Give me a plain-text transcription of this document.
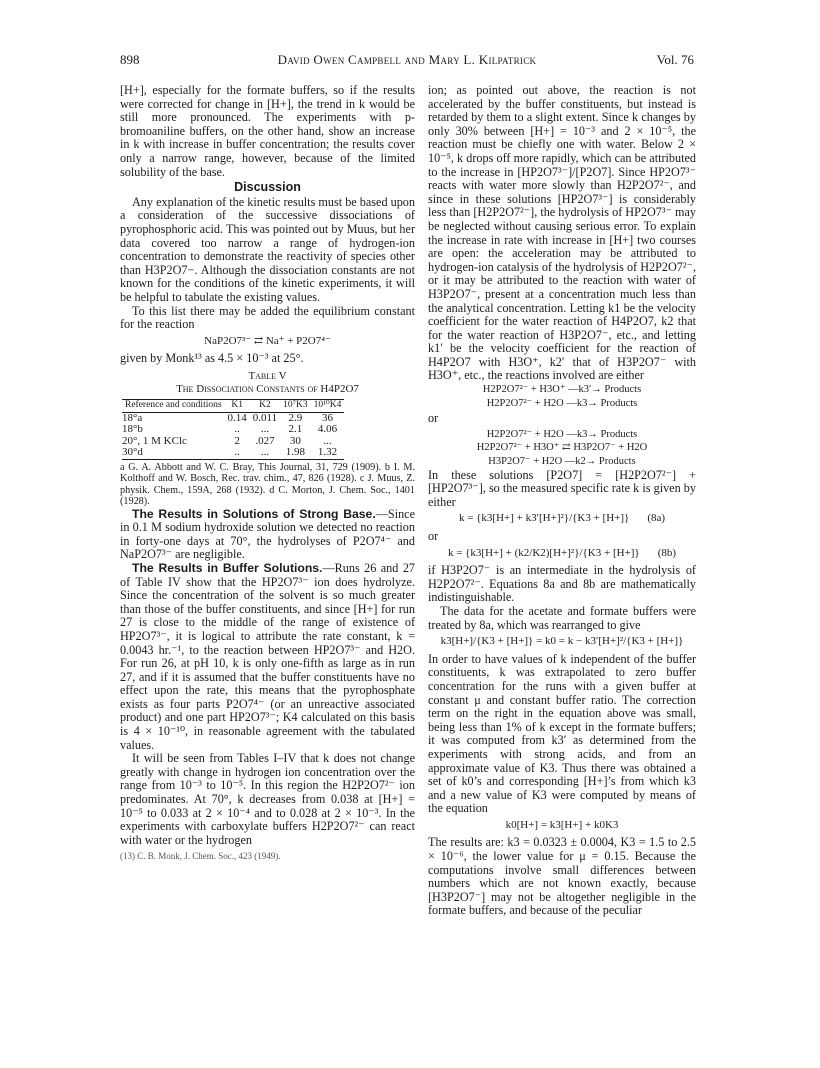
898	David Owen Campbell and Mary L. Kilpatrick	Vol. 76

[H+], especially for the formate buffers, so if the results were corrected for change in [H+], the trend in k would be still more pronounced. The experiments with p-bromoaniline buffers, on the other hand, show an increase in k with increase in buffer concentration; the results cover only a narrow range, however, because of the limited solubility of the base.

Discussion

Any explanation of the kinetic results must be based upon a consideration of the successive dissociations of pyrophosphoric acid. This was pointed out by Muus, but her data covered too narrow a range of hydrogen-ion concentration to demonstrate the reactivity of species other than H3P2O7−. Although the dissociation constants are not known for the conditions of the kinetic experiments, it will be helpful to tabulate the existing values.

To this list there may be added the equilibrium constant for the reaction

NaP2O7³⁻ ⇄ Na⁺ + P2O7⁴⁻

given by Monk¹³ as 4.5 × 10⁻³ at 25°.

Table V
The Dissociation Constants of H4P2O7
Reference and conditions	K1	K2	10⁷K3	10¹⁰K4
18°a	0.14	0.011	2.9	36
18°b	..	...	2.1	4.06
20°, 1 M KClc	2	.027	30	...
30°d	..	...	1.98	1.32
a G. A. Abbott and W. C. Bray, This Journal, 31, 729 (1909). b I. M. Kolthoff and W. Bosch, Rec. trav. chim., 47, 826 (1928). c J. Muus, Z. physik. Chem., 159A, 268 (1932). d C. Morton, J. Chem. Soc., 1401 (1928).

The Results in Solutions of Strong Base.—Since in 0.1 M sodium hydroxide solution we detected no reaction in forty-one days at 70°, the hydrolyses of P2O7⁴⁻ and NaP2O7³⁻ are negligible.

The Results in Buffer Solutions.—Runs 26 and 27 of Table IV show that the HP2O7³⁻ ion does hydrolyze. Since the concentration of the solvent is so much greater than those of the buffer constituents, and since [H+] for run 27 is close to the middle of the range of existence of HP2O7³⁻, it is logical to attribute the rate constant, k = 0.0043 hr.⁻¹, to the reaction between HP2O7³⁻ and H2O. For run 26, at pH 10, k is only one-fifth as large as in run 27, and if it is assumed that the buffer constituents have no effect upon the rate, this means that the pyrophosphate exists as four parts P2O7⁴⁻ (or an unreactive associated product) and one part HP2O7³⁻; K4 calculated on this basis is 4 × 10⁻¹⁰, in reasonable agreement with the tabulated values.

It will be seen from Tables I–IV that k does not change greatly with change in hydrogen ion concentration over the range from 10⁻³ to 10⁻⁵. In this region the H2P2O7²⁻ ion predominates. At 70°, k decreases from 0.038 at [H+] = 10⁻⁵ to 0.033 at 2 × 10⁻⁴ and to 0.028 at 2 × 10⁻³. In the experiments with carboxylate buffers H2P2O7²⁻ can react with water or the hydrogen

(13) C. B. Monk, J. Chem. Soc., 423 (1949).

ion; as pointed out above, the reaction is not accelerated by the buffer constituents, but instead is retarded by them to a slight extent. Since k changes by only 30% between [H+] = 10⁻³ and 2 × 10⁻⁵, the reaction must be chiefly one with water. Below 2 × 10⁻⁵, k drops off more rapidly, which can be attributed to the increase in [HP2O7³⁻]/[P2O7]. Since HP2O7³⁻ reacts with water more slowly than H2P2O7²⁻, and since in these solutions [HP2O7³⁻] is considerably less than [H2P2O7²⁻], the hydrolysis of HP2O7³⁻ may be neglected without causing serious error. To explain the increase in rate with increase in [H+] two courses are open: the acceleration may be attributed to hydrogen-ion catalysis of the hydrolysis of H2P2O7²⁻, or it may be attributed to the reaction with water of H3P2O7⁻, present at a concentration much less than the analytical concentration. Letting k1 be the velocity coefficient for the water reaction of H4P2O7, k2 that for the water reaction of H3P2O7⁻, etc., and letting k1′ be the velocity coefficient for the reaction of H4P2O7 with H3O⁺, k2′ that of H3P2O7⁻ with H3O⁺, etc., the reactions involved are either

H2P2O7²⁻ + H3O⁺ —k3′→ Products
H2P2O7²⁻ + H2O —k3→ Products

or

H2P2O7²⁻ + H2O —k3→ Products
H2P2O7²⁻ + H3O⁺ ⇄ H3P2O7⁻ + H2O
H3P2O7⁻ + H2O —k2→ Products

In these solutions [P2O7] = [H2P2O7²⁻] + [HP2O7³⁻], so the measured specific rate k is given by either

k = {k3[H+] + k3′[H+]²}/{K3 + [H+]} (8a)

or

k = {k3[H+] + (k2/K2)[H+]²}/{K3 + [H+]} (8b)

if H3P2O7⁻ is an intermediate in the hydrolysis of H2P2O7²⁻. Equations 8a and 8b are mathematically indistinguishable.

The data for the acetate and formate buffers were treated by 8a, which was rearranged to give

k3[H+]/{K3 + [H+]} = k0 = k − k3′[H+]²/{K3 + [H+]}

In order to have values of k independent of the buffer constituents, k was extrapolated to zero buffer concentration for the runs with a given buffer at constant μ and constant buffer ratio. The correction term on the right in the equation above was small, being less than 1% of k except in the formate buffers; it was computed from k3′ as determined from the experiments with strong acids, and from an approximate value of K3. Thus there was obtained a set of k0’s and corresponding [H+]’s from which k3 and a new value of K3 were computed by means of the equation

k0[H+] = k3[H+] + k0K3

The results are: k3 = 0.0323 ± 0.0004, K3 = 1.5 to 2.5 × 10⁻⁶, the lower value for μ = 0.15. Because the computations involve small differences between numbers which are not known exactly, because [H3P2O7⁻] may not be altogether negligible in the formate buffers, and because of the peculiar
